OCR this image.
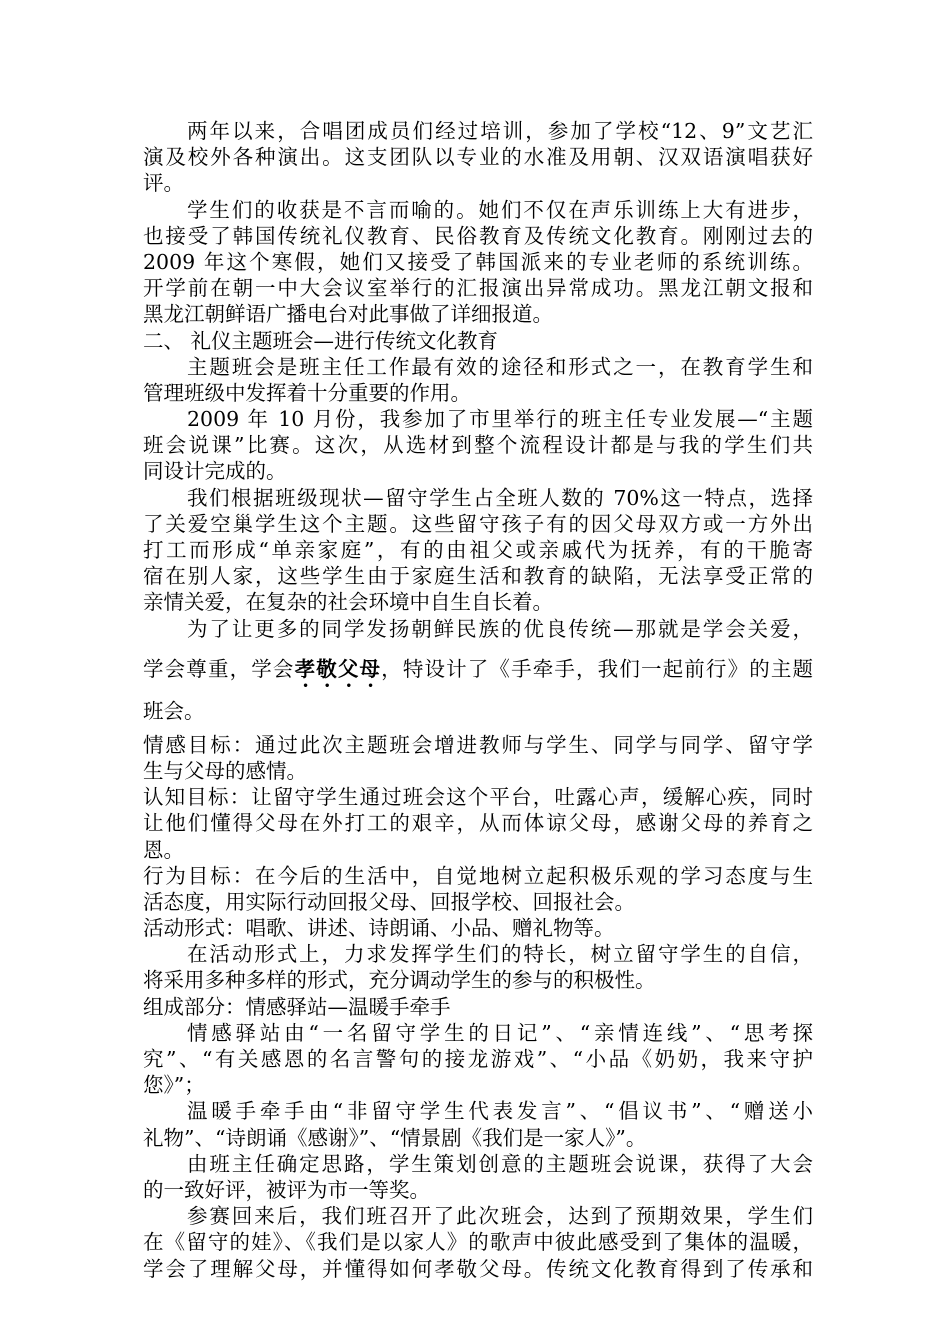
两年以来，合唱团成员们经过培训，参加了学校“12、9”文艺汇
演及校外各种演出。这支团队以专业的水准及用朝、汉双语演唱获好
评。
学生们的收获是不言而喻的。她们不仅在声乐训练上大有进步，
也接受了韩国传统礼仪教育、民俗教育及传统文化教育。刚刚过去的
2009 年这个寒假，她们又接受了韩国派来的专业老师的系统训练。
开学前在朝一中大会议室举行的汇报演出异常成功。黑龙江朝文报和
黑龙江朝鲜语广播电台对此事做了详细报道。
二、 礼仪主题班会—进行传统文化教育
主题班会是班主任工作最有效的途径和形式之一，在教育学生和
管理班级中发挥着十分重要的作用。
2009 年 10 月份，我参加了市里举行的班主任专业发展—“主题
班会说课”比赛。这次，从选材到整个流程设计都是与我的学生们共
同设计完成的。
我们根据班级现状—留守学生占全班人数的 70%这一特点，选择
了关爱空巢学生这个主题。这些留守孩子有的因父母双方或一方外出
打工而形成“单亲家庭”，有的由祖父或亲戚代为抚养，有的干脆寄
宿在别人家，这些学生由于家庭生活和教育的缺陷，无法享受正常的
亲情关爱，在复杂的社会环境中自生自长着。
为了让更多的同学发扬朝鲜民族的优良传统—那就是学会关爱，
学会尊重，学会孝敬父母，特设计了《手牵手，我们一起前行》的主题
班会。
情感目标：通过此次主题班会增进教师与学生、同学与同学、留守学
生与父母的感情。
认知目标：让留守学生通过班会这个平台，吐露心声，缓解心疾，同时
让他们懂得父母在外打工的艰辛，从而体谅父母，感谢父母的养育之
恩。
行为目标：在今后的生活中，自觉地树立起积极乐观的学习态度与生
活态度，用实际行动回报父母、回报学校、回报社会。
活动形式：唱歌、讲述、诗朗诵、小品、赠礼物等。
在活动形式上，力求发挥学生们的特长，树立留守学生的自信，
将采用多种多样的形式，充分调动学生的参与的积极性。
组成部分：情感驿站—温暖手牵手
情感驿站由“一名留守学生的日记”、“亲情连线”、“思考探
究”、“有关感恩的名言警句的接龙游戏”、“小品《奶奶，我来守护
您》”；
温暖手牵手由“非留守学生代表发言”、“倡议书”、“赠送小
礼物”、“诗朗诵《感谢》”、“情景剧《我们是一家人》”。
由班主任确定思路，学生策划创意的主题班会说课，获得了大会
的一致好评，被评为市一等奖。
参赛回来后，我们班召开了此次班会，达到了预期效果，学生们
在《留守的娃》、《我们是以家人》的歌声中彼此感受到了集体的温暖，
学会了理解父母，并懂得如何孝敬父母。传统文化教育得到了传承和
